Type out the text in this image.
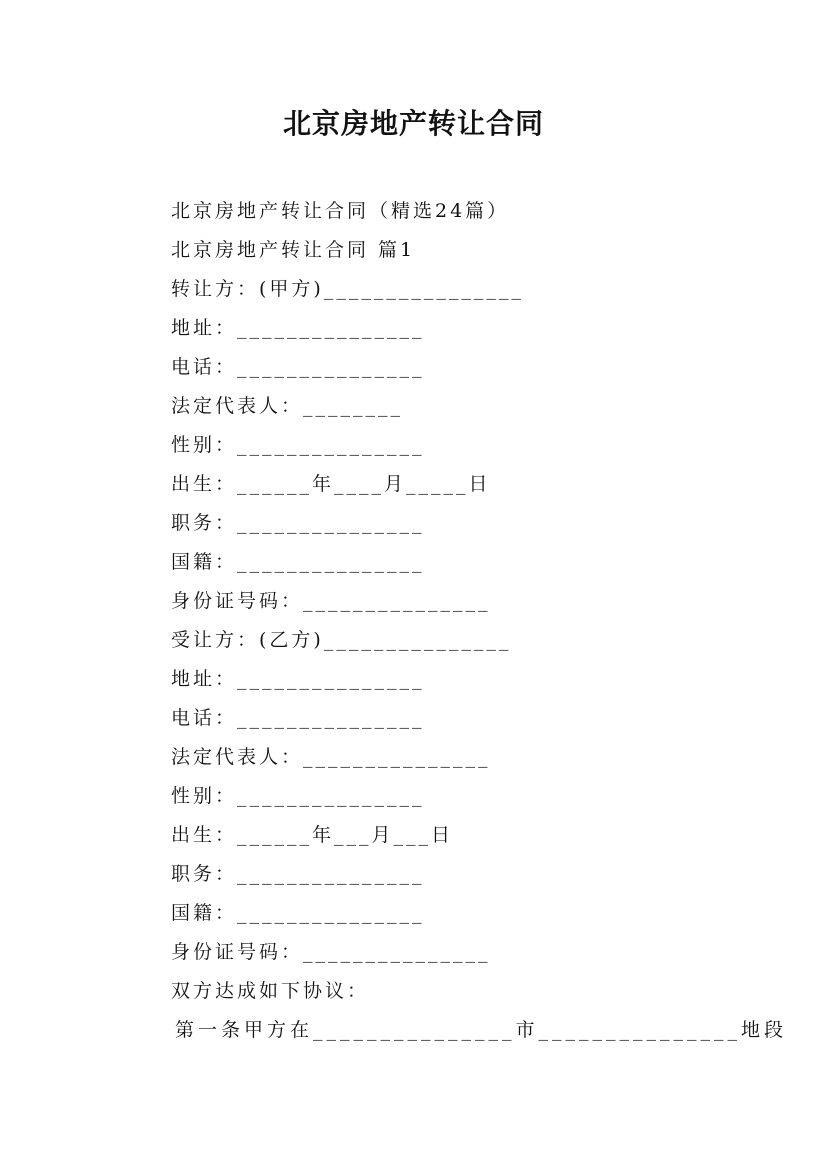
北京房地产转让合同
北京房地产转让合同（精选24篇）
北京房地产转让合同 篇1
转让方：(甲方)________________
地址：_______________
电话：_______________
法定代表人：________
性别：_______________
出生：______年____月_____日
职务：_______________
国籍：_______________
身份证号码：_______________
受让方：(乙方)_______________
地址：_______________
电话：_______________
法定代表人：_______________
性别：_______________
出生：______年___月___日
职务：_______________
国籍：_______________
身份证号码：_______________
双方达成如下协议：
第一条甲方在_______________市_______________地段
